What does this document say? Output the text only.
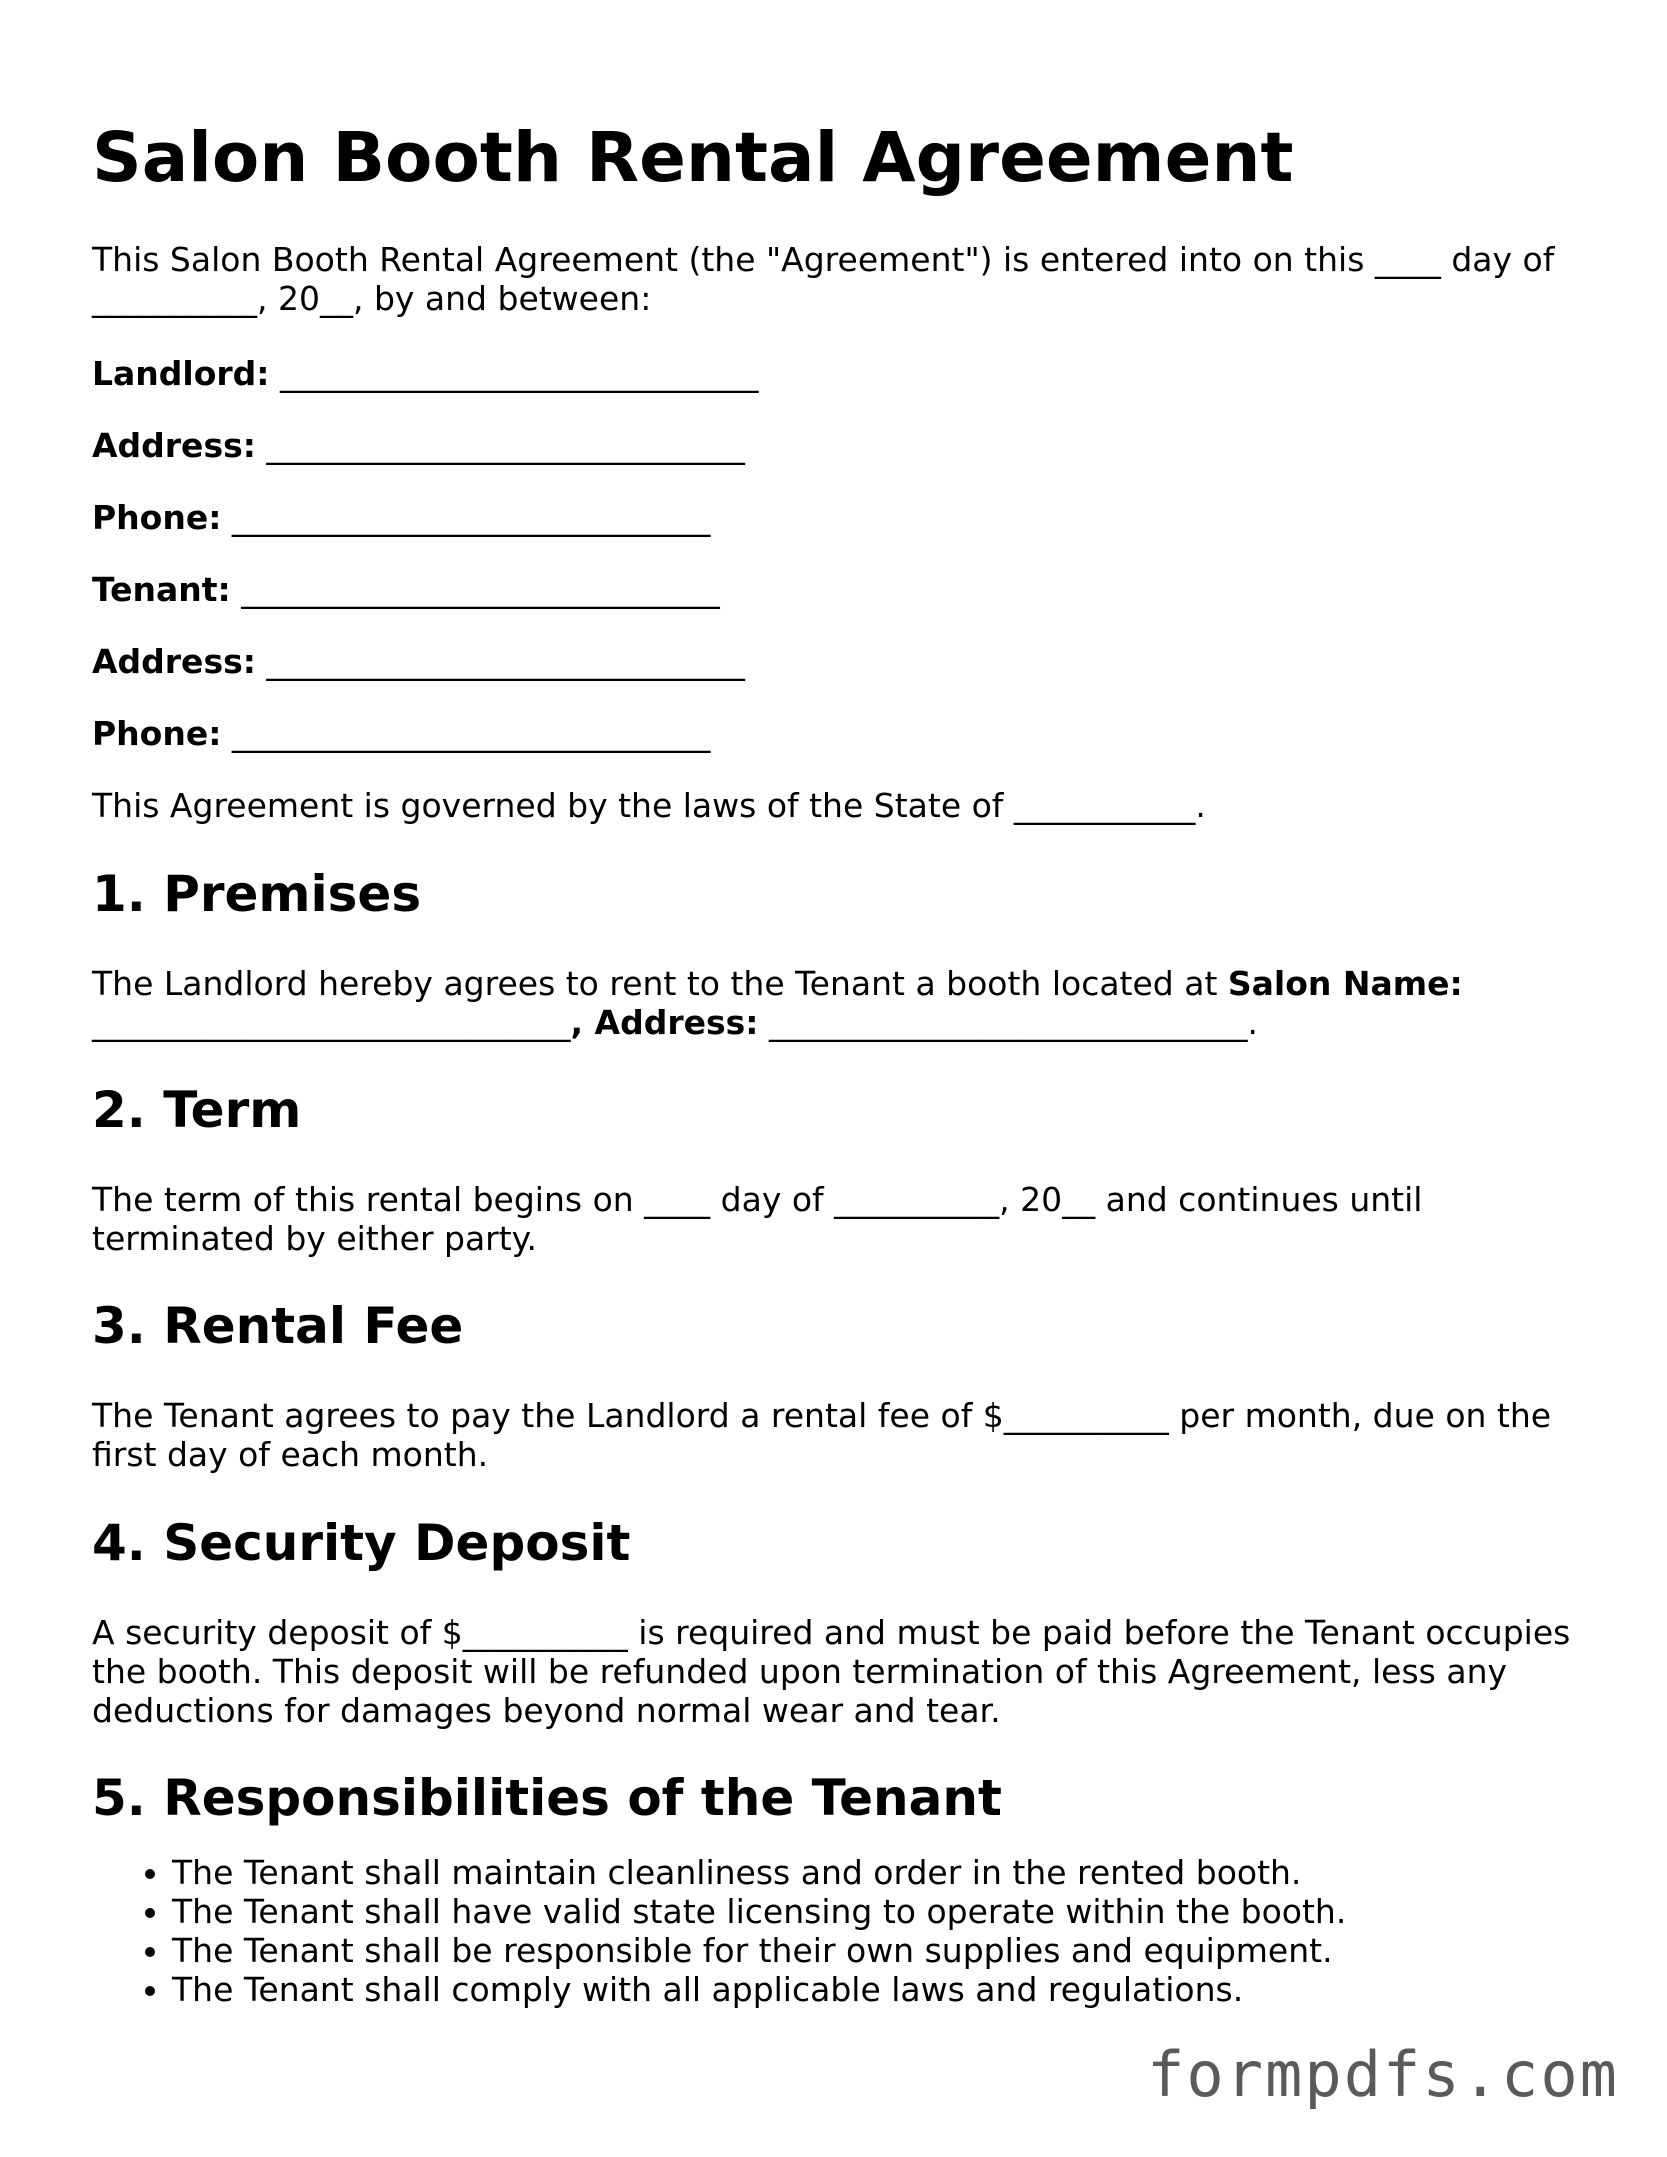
Salon Booth Rental Agreement

This Salon Booth Rental Agreement (the "Agreement") is entered into on this ____ day of __________, 20__, by and between:

Landlord: _____________________________
Address: _____________________________
Phone: _____________________________
Tenant: _____________________________
Address: _____________________________
Phone: _____________________________

This Agreement is governed by the laws of the State of ___________.

1. Premises

The Landlord hereby agrees to rent to the Tenant a booth located at Salon Name: _____________________________, Address: _____________________________.

2. Term

The term of this rental begins on ____ day of __________, 20__ and continues until terminated by either party.

3. Rental Fee

The Tenant agrees to pay the Landlord a rental fee of $__________ per month, due on the first day of each month.

4. Security Deposit

A security deposit of $__________ is required and must be paid before the Tenant occupies the booth. This deposit will be refunded upon termination of this Agreement, less any deductions for damages beyond normal wear and tear.

5. Responsibilities of the Tenant
• The Tenant shall maintain cleanliness and order in the rented booth.
• The Tenant shall have valid state licensing to operate within the booth.
• The Tenant shall be responsible for their own supplies and equipment.
• The Tenant shall comply with all applicable laws and regulations.
formpdfs.com
